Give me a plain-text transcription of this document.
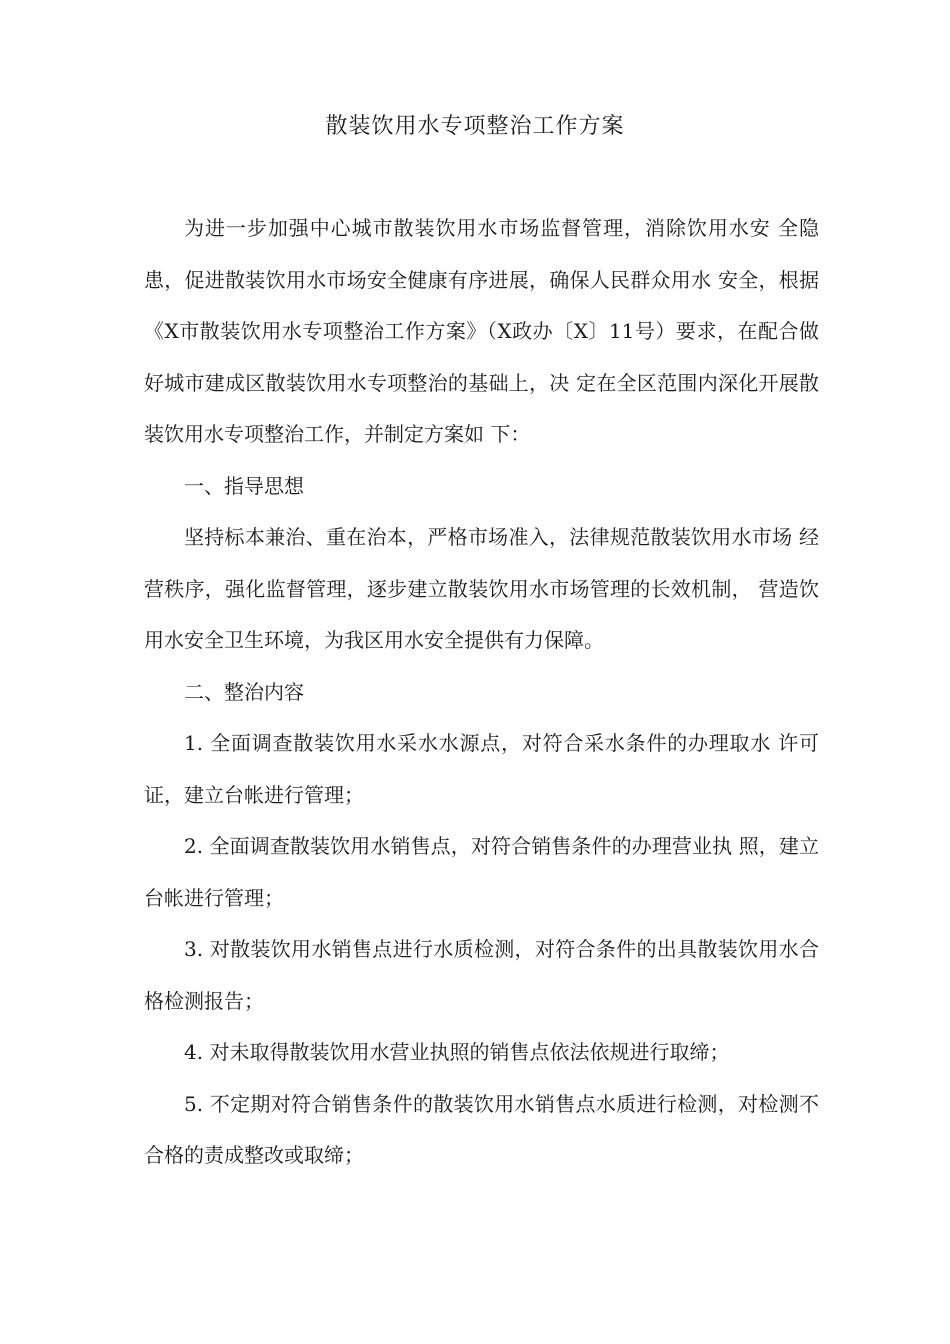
散装饮用水专项整治工作方案

为进一步加强中心城市散装饮用水市场监督管理，消除饮用水安 全隐患，促进散装饮用水市场安全健康有序进展，确保人民群众用水 安全，根据《X市散装饮用水专项整治工作方案》（X政办〔X〕11号）要求，在配合做好城市建成区散装饮用水专项整治的基础上，决 定在全区范围内深化开展散装饮用水专项整治工作，并制定方案如 下：

一、指导思想

坚持标本兼治、重在治本，严格市场准入，法律规范散装饮用水市场 经营秩序，强化监督管理，逐步建立散装饮用水市场管理的长效机制， 营造饮用水安全卫生环境，为我区用水安全提供有力保障。

二、整治内容

1. 全面调查散装饮用水采水水源点，对符合采水条件的办理取水 许可证，建立台帐进行管理；

2. 全面调查散装饮用水销售点，对符合销售条件的办理营业执 照，建立台帐进行管理；

3. 对散装饮用水销售点进行水质检测，对符合条件的出具散装饮用水合格检测报告；

4. 对未取得散装饮用水营业执照的销售点依法依规进行取缔；

5. 不定期对符合销售条件的散装饮用水销售点水质进行检测，对检测不合格的责成整改或取缔；
